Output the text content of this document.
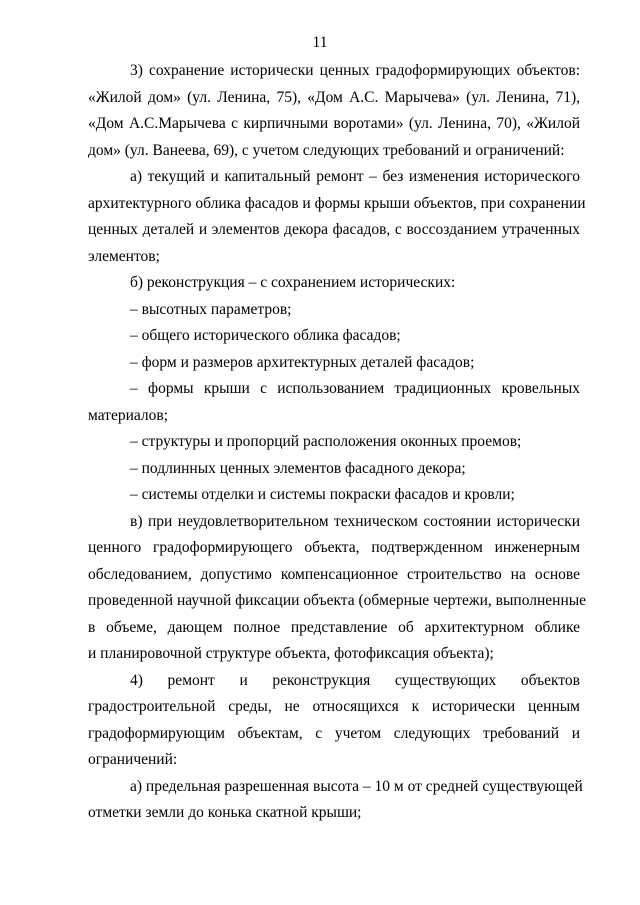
11
3) сохранение исторически ценных градоформирующих объектов:
«Жилой дом» (ул. Ленина, 75), «Дом А.С. Марычева» (ул. Ленина, 71),
«Дом А.С.Марычева с кирпичными воротами» (ул. Ленина, 70), «Жилой
дом» (ул. Ванеева, 69), с учетом следующих требований и ограничений:
а) текущий и капитальный ремонт – без изменения исторического
архитектурного облика фасадов и формы крыши объектов, при сохранении
ценных деталей и элементов декора фасадов, с воссозданием утраченных
элементов;
б) реконструкция – с сохранением исторических:
– высотных параметров;
– общего исторического облика фасадов;
– форм и размеров архитектурных деталей фасадов;
– формы крыши с использованием традиционных кровельных
материалов;
– структуры и пропорций расположения оконных проемов;
– подлинных ценных элементов фасадного декора;
– системы отделки и системы покраски фасадов и кровли;
в) при неудовлетворительном техническом состоянии исторически
ценного градоформирующего объекта, подтвержденном инженерным
обследованием, допустимо компенсационное строительство на основе
проведенной научной фиксации объекта (обмерные чертежи, выполненные
в объеме, дающем полное представление об архитектурном облике
и планировочной структуре объекта, фотофиксация объекта);
4) ремонт и реконструкция существующих объектов
градостроительной среды, не относящихся к исторически ценным
градоформирующим объектам, с учетом следующих требований и
ограничений:
а) предельная разрешенная высота – 10 м от средней существующей
отметки земли до конька скатной крыши;
